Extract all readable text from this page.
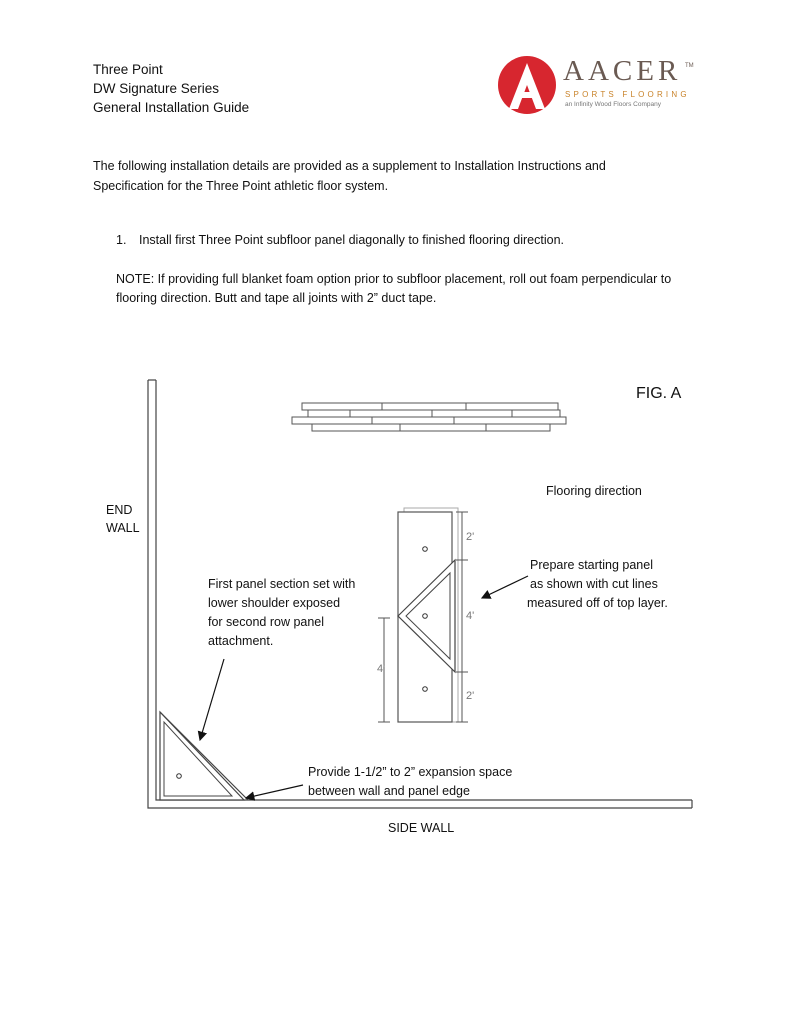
Three Point
DW Signature Series
General Installation Guide
AACER TM
SPORTS FLOORING
an Infinity Wood Floors Company
The following installation details are provided as a supplement to Installation Instructions and Specification for the Three Point athletic floor system.
1. Install first Three Point subfloor panel diagonally to finished flooring direction.
NOTE: If providing full blanket foam option prior to subfloor placement, roll out foam perpendicular to flooring direction. Butt and tape all joints with 2” duct tape.
FIG. A
Flooring direction
END
WALL
SIDE WALL
First panel section set with
lower shoulder exposed
for second row panel
attachment.
Prepare starting panel
as shown with cut lines
measured off of top layer.
Provide 1-1/2” to 2” expansion space
between wall and panel edge
2'
4'
2'
4'
